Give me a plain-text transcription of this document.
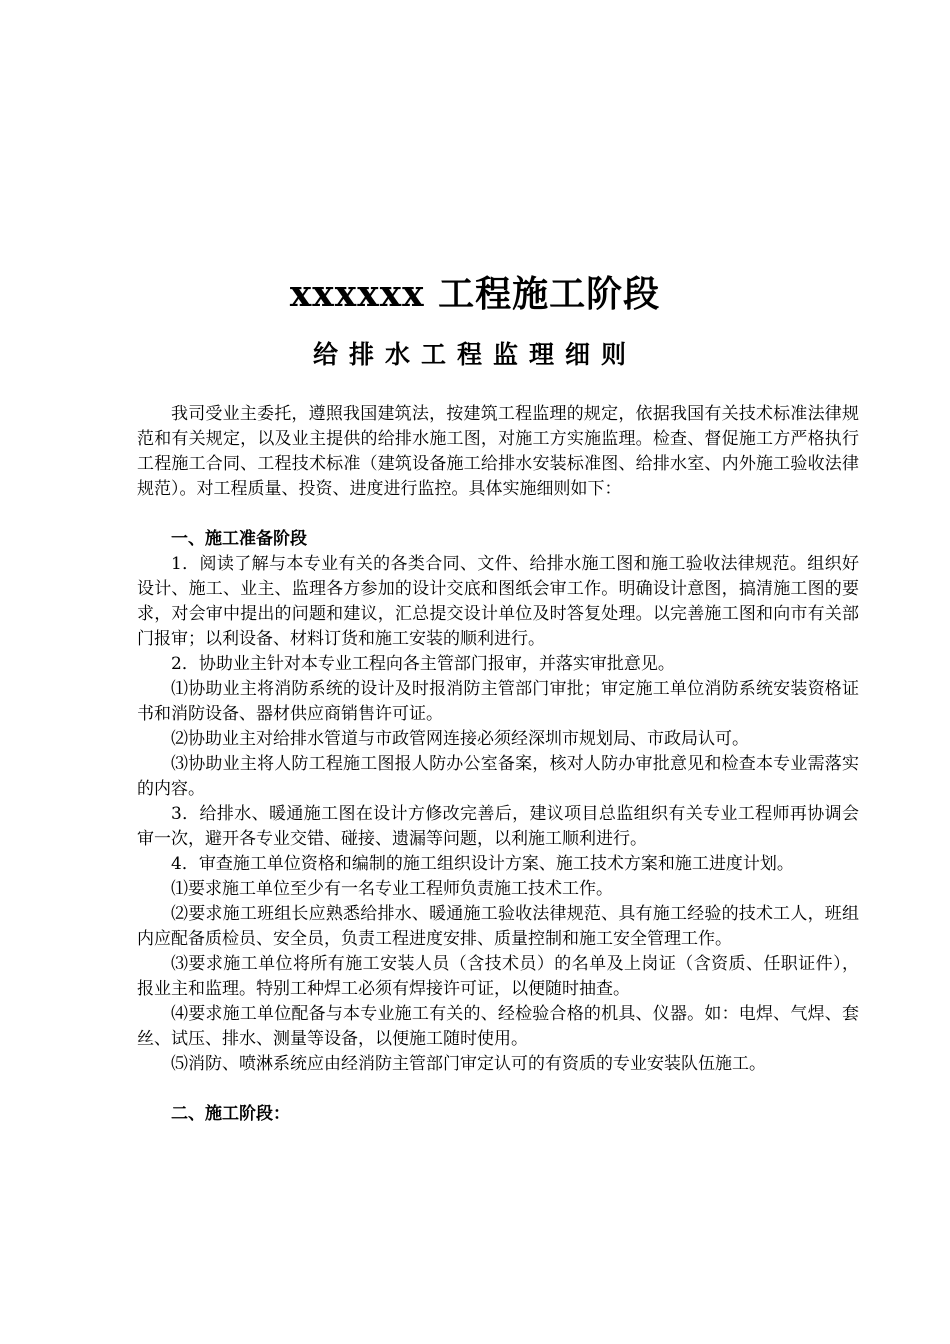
xxxxxx 工程施工阶段
给排水工程监理细则

我司受业主委托，遵照我国建筑法，按建筑工程监理的规定，依据我国有关技术标准法律规范和有关规定，以及业主提供的给排水施工图，对施工方实施监理。检查、督促施工方严格执行工程施工合同、工程技术标准（建筑设备施工给排水安装标准图、给排水室、内外施工验收法律规范）。对工程质量、投资、进度进行监控。具体实施细则如下：

一、施工准备阶段

1．阅读了解与本专业有关的各类合同、文件、给排水施工图和施工验收法律规范。组织好设计、施工、业主、监理各方参加的设计交底和图纸会审工作。明确设计意图，搞清施工图的要求，对会审中提出的问题和建议，汇总提交设计单位及时答复处理。以完善施工图和向市有关部门报审；以利设备、材料订货和施工安装的顺利进行。

2．协助业主针对本专业工程向各主管部门报审，并落实审批意见。

⑴协助业主将消防系统的设计及时报消防主管部门审批；审定施工单位消防系统安装资格证书和消防设备、器材供应商销售许可证。

⑵协助业主对给排水管道与市政管网连接必须经深圳市规划局、市政局认可。

⑶协助业主将人防工程施工图报人防办公室备案，核对人防办审批意见和检查本专业需落实的内容。

3．给排水、暖通施工图在设计方修改完善后，建议项目总监组织有关专业工程师再协调会审一次，避开各专业交错、碰接、遗漏等问题，以利施工顺利进行。

4．审查施工单位资格和编制的施工组织设计方案、施工技术方案和施工进度计划。

⑴要求施工单位至少有一名专业工程师负责施工技术工作。

⑵要求施工班组长应熟悉给排水、暖通施工验收法律规范、具有施工经验的技术工人，班组内应配备质检员、安全员，负责工程进度安排、质量控制和施工安全管理工作。

⑶要求施工单位将所有施工安装人员（含技术员）的名单及上岗证（含资质、任职证件），报业主和监理。特别工种焊工必须有焊接许可证，以便随时抽查。

⑷要求施工单位配备与本专业施工有关的、经检验合格的机具、仪器。如：电焊、气焊、套丝、试压、排水、测量等设备，以便施工随时使用。

⑸消防、喷淋系统应由经消防主管部门审定认可的有资质的专业安装队伍施工。

二、施工阶段：
